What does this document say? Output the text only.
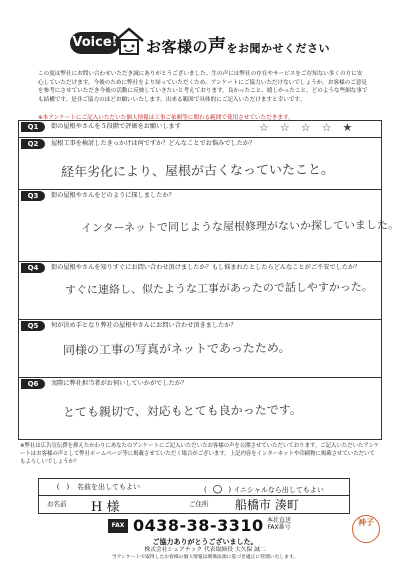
Voice! お客様の声をお聞かせください
この度は弊社にお問い合わせいただき誠にありがとうございました。生の声には弊社の存在やサービスをご存知ない多くの方に安心していただけます。今後のために弊社をより知っていただくため、アンケートにご協力いただけないでしょうか。お客様のご意見を参考にさせていただき今後の活動に反映していきたいと考えております。良かったこと、嬉しかったこと、どのような些細な事でも結構です。是非ご協力のほどお願いいたします。出来る範囲で具体的にご記入いただけますと幸いです。
※本アンケートにご記入いただいた個人情報は工事ご依頼等に関わる範囲で使用させていただきます。
Q1	街の屋根やさんを５段階で評価をお願いします	☆☆☆☆★
Q2	屋根工事を検討したきっかけは何ですか？どんなことでお悩みでしたか？
経年劣化により、屋根が古くなっていたこと。
Q3	街の屋根やさんをどのように探しましたか？
インターネットで同じような屋根修理がないか探していました。
Q4	街の屋根やさんを知りすぐにお問い合わせ頂けましたか？もし悩まれたとしたらどんなことがご不安でしたか？
すぐに連絡し、似たような工事があったので話しやすかった。
Q5	何が決め手となり弊社の屋根やさんにお問い合わせ頂きましたか？
同様の工事の写真がネットであったため。
Q6	実際に弊社担当者がお伺いしていかがでしたか？
とても親切で、対応もとても良かったです。
※弊社は広告宣伝費を抑えたかわりにあなたのアンケートにご記入いただいたお客様の声を公開させていただいております。ご記入いただいたアンケートはお客様の声として弊社ホームページ等に掲載させていただく場合がございます。上記内容をインターネットや印刷物に掲載させていただいてもよろしいでしょうか？
(　) 名前を出してもよい	( ○ ) イニシャルなら出してもよい
お名前 H 様	ご住所 船橋市 湊町
FAX 0438-38-3310 本社直送FAX番号
ご協力ありがとうございました。
株式会社シェアテック 代表取締役 大久保 誠二
当アンケートで取得したお客様の個人情報は関係法規に基づき適正に管理いたします。
神子
